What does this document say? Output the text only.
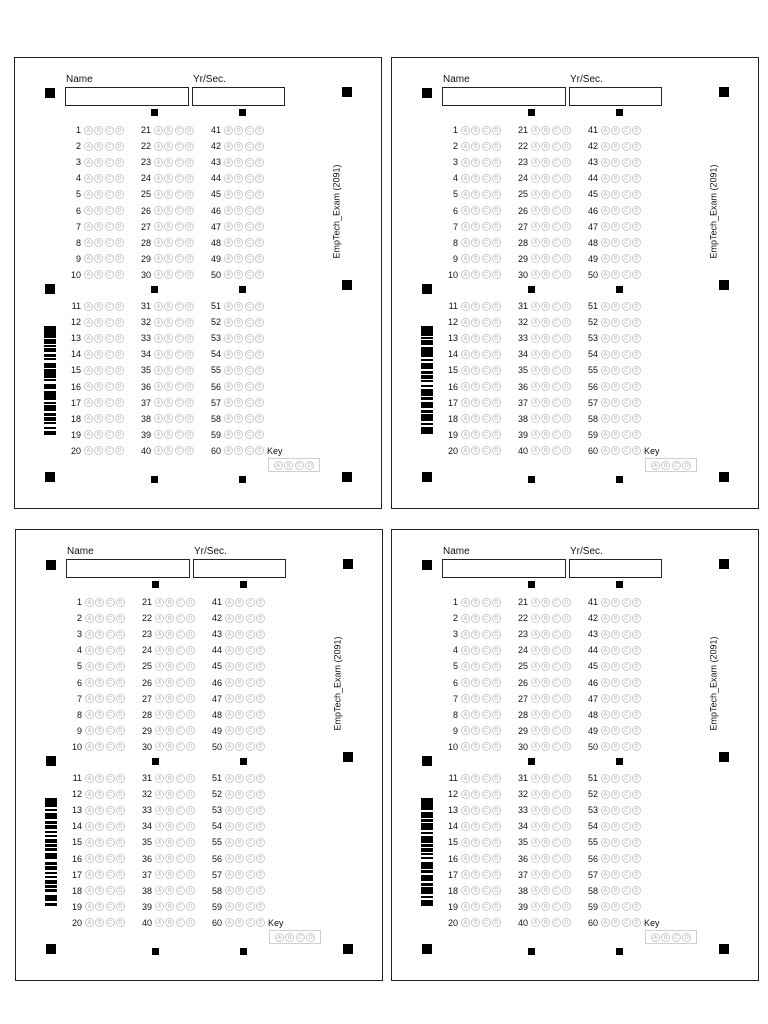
Name	Yr/Sec.
EmpTech_Exam (2091)
1	A	B	C	D	21	A	B	C	D	41	A	B	C	D
2	A	B	C	D	22	A	B	C	D	42	A	B	C	D
3	A	B	C	D	23	A	B	C	D	43	A	B	C	D
4	A	B	C	D	24	A	B	C	D	44	A	B	C	D
5	A	B	C	D	25	A	B	C	D	45	A	B	C	D
6	A	B	C	D	26	A	B	C	D	46	A	B	C	D
7	A	B	C	D	27	A	B	C	D	47	A	B	C	D
8	A	B	C	D	28	A	B	C	D	48	A	B	C	D
9	A	B	C	D	29	A	B	C	D	49	A	B	C	D
10	A	B	C	D	30	A	B	C	D	50	A	B	C	D
11	A	B	C	D	31	A	B	C	D	51	A	B	C	D
12	A	B	C	D	32	A	B	C	D	52	A	B	C	D
13	A	B	C	D	33	A	B	C	D	53	A	B	C	D
14	A	B	C	D	34	A	B	C	D	54	A	B	C	D
15	A	B	C	D	35	A	B	C	D	55	A	B	C	D
16	A	B	C	D	36	A	B	C	D	56	A	B	C	D
17	A	B	C	D	37	A	B	C	D	57	A	B	C	D
18	A	B	C	D	38	A	B	C	D	58	A	B	C	D
19	A	B	C	D	39	A	B	C	D	59	A	B	C	D
20	A	B	C	D	40	A	B	C	D	60	A	B	C	D Key
A	B	C	D
Name	Yr/Sec.
EmpTech_Exam (2091)
1	A	B	C	D	21	A	B	C	D	41	A	B	C	D
2	A	B	C	D	22	A	B	C	D	42	A	B	C	D
3	A	B	C	D	23	A	B	C	D	43	A	B	C	D
4	A	B	C	D	24	A	B	C	D	44	A	B	C	D
5	A	B	C	D	25	A	B	C	D	45	A	B	C	D
6	A	B	C	D	26	A	B	C	D	46	A	B	C	D
7	A	B	C	D	27	A	B	C	D	47	A	B	C	D
8	A	B	C	D	28	A	B	C	D	48	A	B	C	D
9	A	B	C	D	29	A	B	C	D	49	A	B	C	D
10	A	B	C	D	30	A	B	C	D	50	A	B	C	D
11	A	B	C	D	31	A	B	C	D	51	A	B	C	D
12	A	B	C	D	32	A	B	C	D	52	A	B	C	D
13	A	B	C	D	33	A	B	C	D	53	A	B	C	D
14	A	B	C	D	34	A	B	C	D	54	A	B	C	D
15	A	B	C	D	35	A	B	C	D	55	A	B	C	D
16	A	B	C	D	36	A	B	C	D	56	A	B	C	D
17	A	B	C	D	37	A	B	C	D	57	A	B	C	D
18	A	B	C	D	38	A	B	C	D	58	A	B	C	D
19	A	B	C	D	39	A	B	C	D	59	A	B	C	D
20	A	B	C	D	40	A	B	C	D	60	A	B	C	D Key
A	B	C	D
Name	Yr/Sec.
EmpTech_Exam (2091)
1	A	B	C	D	21	A	B	C	D	41	A	B	C	D
2	A	B	C	D	22	A	B	C	D	42	A	B	C	D
3	A	B	C	D	23	A	B	C	D	43	A	B	C	D
4	A	B	C	D	24	A	B	C	D	44	A	B	C	D
5	A	B	C	D	25	A	B	C	D	45	A	B	C	D
6	A	B	C	D	26	A	B	C	D	46	A	B	C	D
7	A	B	C	D	27	A	B	C	D	47	A	B	C	D
8	A	B	C	D	28	A	B	C	D	48	A	B	C	D
9	A	B	C	D	29	A	B	C	D	49	A	B	C	D
10	A	B	C	D	30	A	B	C	D	50	A	B	C	D
11	A	B	C	D	31	A	B	C	D	51	A	B	C	D
12	A	B	C	D	32	A	B	C	D	52	A	B	C	D
13	A	B	C	D	33	A	B	C	D	53	A	B	C	D
14	A	B	C	D	34	A	B	C	D	54	A	B	C	D
15	A	B	C	D	35	A	B	C	D	55	A	B	C	D
16	A	B	C	D	36	A	B	C	D	56	A	B	C	D
17	A	B	C	D	37	A	B	C	D	57	A	B	C	D
18	A	B	C	D	38	A	B	C	D	58	A	B	C	D
19	A	B	C	D	39	A	B	C	D	59	A	B	C	D
20	A	B	C	D	40	A	B	C	D	60	A	B	C	D Key
A	B	C	D
Name	Yr/Sec.
EmpTech_Exam (2091)
1	A	B	C	D	21	A	B	C	D	41	A	B	C	D
2	A	B	C	D	22	A	B	C	D	42	A	B	C	D
3	A	B	C	D	23	A	B	C	D	43	A	B	C	D
4	A	B	C	D	24	A	B	C	D	44	A	B	C	D
5	A	B	C	D	25	A	B	C	D	45	A	B	C	D
6	A	B	C	D	26	A	B	C	D	46	A	B	C	D
7	A	B	C	D	27	A	B	C	D	47	A	B	C	D
8	A	B	C	D	28	A	B	C	D	48	A	B	C	D
9	A	B	C	D	29	A	B	C	D	49	A	B	C	D
10	A	B	C	D	30	A	B	C	D	50	A	B	C	D
11	A	B	C	D	31	A	B	C	D	51	A	B	C	D
12	A	B	C	D	32	A	B	C	D	52	A	B	C	D
13	A	B	C	D	33	A	B	C	D	53	A	B	C	D
14	A	B	C	D	34	A	B	C	D	54	A	B	C	D
15	A	B	C	D	35	A	B	C	D	55	A	B	C	D
16	A	B	C	D	36	A	B	C	D	56	A	B	C	D
17	A	B	C	D	37	A	B	C	D	57	A	B	C	D
18	A	B	C	D	38	A	B	C	D	58	A	B	C	D
19	A	B	C	D	39	A	B	C	D	59	A	B	C	D
20	A	B	C	D	40	A	B	C	D	60	A	B	C	D Key
A	B	C	D
